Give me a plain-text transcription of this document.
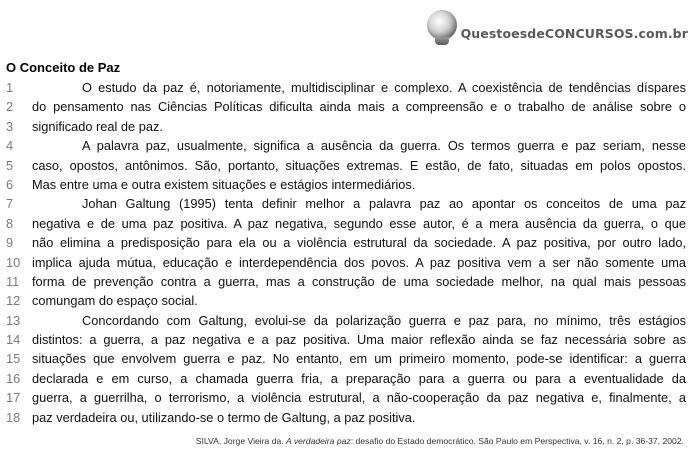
QuestoesdeCONCURSOS.com.br
O Conceito de Paz
1	O estudo da paz é, notoriamente, multidisciplinar e complexo. A coexistência de tendências díspares
2	do pensamento nas Ciências Políticas dificulta ainda mais a compreensão e o trabalho de análise sobre o
3	significado real de paz.
4	A palavra paz, usualmente, significa a ausência da guerra. Os termos guerra e paz seriam, nesse
5	caso, opostos, antônimos. São, portanto, situações extremas. E estão, de fato, situadas em polos opostos.
6	Mas entre uma e outra existem situações e estágios intermediários.
7	Johan Galtung (1995) tenta definir melhor a palavra paz ao apontar os conceitos de uma paz
8	negativa e de uma paz positiva. A paz negativa, segundo esse autor, é a mera ausência da guerra, o que
9	não elimina a predisposição para ela ou a violência estrutural da sociedade. A paz positiva, por outro lado,
10 implica ajuda mútua, educação e interdependência dos povos. A paz positiva vem a ser não somente uma
11 forma de prevenção contra a guerra, mas a construção de uma sociedade melhor, na qual mais pessoas
12 comungam do espaço social.
13	Concordando com Galtung, evolui-se da polarização guerra e paz para, no mínimo, três estágios
14 distintos: a guerra, a paz negativa e a paz positiva. Uma maior reflexão ainda se faz necessária sobre as
15 situações que envolvem guerra e paz. No entanto, em um primeiro momento, pode-se identificar: a guerra
16 declarada e em curso, a chamada guerra fria, a preparação para a guerra ou para a eventualidade da
17 guerra, a guerrilha, o terrorismo, a violência estrutural, a não-cooperação da paz negativa e, finalmente, a
18 paz verdadeira ou, utilizando-se o termo de Galtung, a paz positiva.
SILVA, Jorge Vieira da. A verdadeira paz: desafio do Estado democrático. São Paulo em Perspectiva, v. 16, n. 2, p. 36-37, 2002.
